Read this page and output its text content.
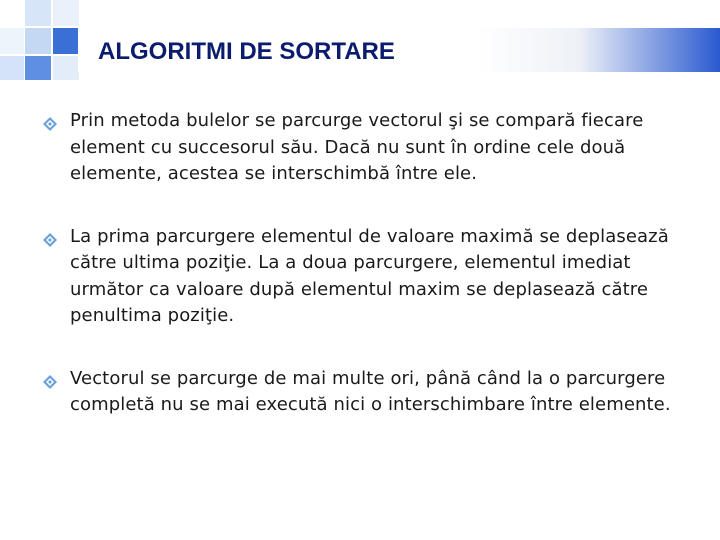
ALGORITMI DE SORTARE
Prin metoda bulelor se parcurge vectorul şi se compară fiecare element cu succesorul său. Dacă nu sunt în ordine cele două elemente, acestea se interschimbă între ele.
La prima parcurgere elementul de valoare maximă se deplasează către ultima poziţie. La a doua parcurgere, elementul imediat următor ca valoare după elementul maxim se deplasează către penultima poziţie.
Vectorul se parcurge de mai multe ori, până când la o parcurgere completă nu se mai execută nici o interschimbare între elemente.
